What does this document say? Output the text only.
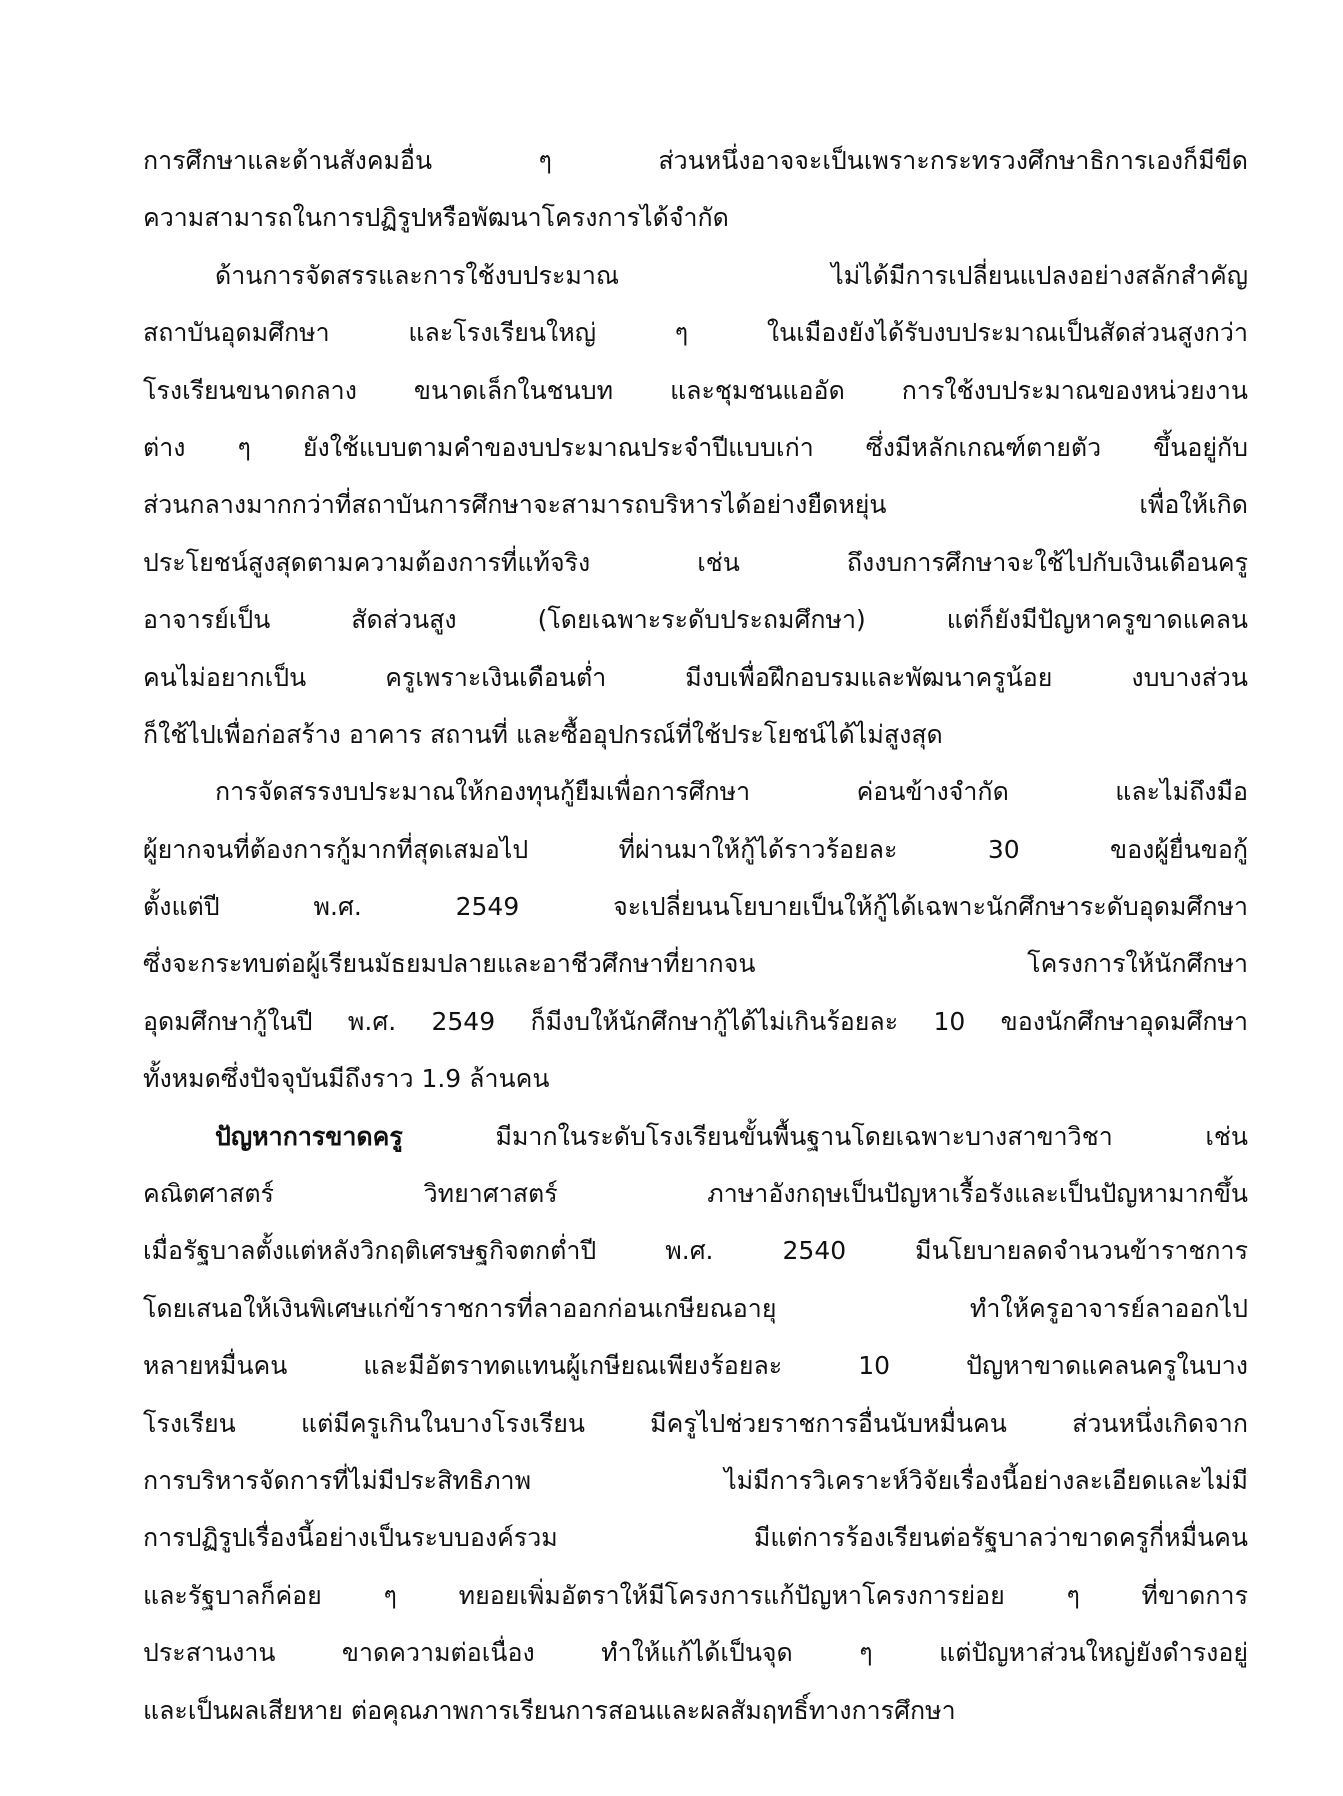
การศึกษาและด้านสังคมอื่น ๆ ส่วนหนึ่งอาจจะเป็นเพราะกระทรวงศึกษาธิการเองก็มีขีด
ความสามารถในการปฏิรูปหรือพัฒนาโครงการได้จำกัด
ด้านการจัดสรรและการใช้งบประมาณ ไม่ได้มีการเปลี่ยนแปลงอย่างสลักสำคัญ
สถาบันอุดมศึกษา และโรงเรียนใหญ่ ๆ ในเมืองยังได้รับงบประมาณเป็นสัดส่วนสูงกว่า
โรงเรียนขนาดกลาง ขนาดเล็กในชนบท และชุมชนแออัด การใช้งบประมาณของหน่วยงาน
ต่าง ๆ ยังใช้แบบตามคำของบประมาณประจำปีแบบเก่า ซึ่งมีหลักเกณฑ์ตายตัว ขึ้นอยู่กับ
ส่วนกลางมากกว่าที่สถาบันการศึกษาจะสามารถบริหารได้อย่างยืดหยุ่น เพื่อให้เกิด
ประโยชน์สูงสุดตามความต้องการที่แท้จริง เช่น ถึงงบการศึกษาจะใช้ไปกับเงินเดือนครู
อาจารย์เป็น สัดส่วนสูง (โดยเฉพาะระดับประถมศึกษา) แต่ก็ยังมีปัญหาครูขาดแคลน
คนไม่อยากเป็น ครูเพราะเงินเดือนต่ำ มีงบเพื่อฝึกอบรมและพัฒนาครูน้อย งบบางส่วน
ก็ใช้ไปเพื่อก่อสร้าง อาคาร สถานที่ และซื้ออุปกรณ์ที่ใช้ประโยชน์ได้ไม่สูงสุด
การจัดสรรงบประมาณให้กองทุนกู้ยืมเพื่อการศึกษา ค่อนข้างจำกัด และไม่ถึงมือ
ผู้ยากจนที่ต้องการกู้มากที่สุดเสมอไป ที่ผ่านมาให้กู้ได้ราวร้อยละ 30 ของผู้ยื่นขอกู้
ตั้งแต่ปี พ.ศ. 2549 จะเปลี่ยนนโยบายเป็นให้กู้ได้เฉพาะนักศึกษาระดับอุดมศึกษา
ซึ่งจะกระทบต่อผู้เรียนมัธยมปลายและอาชีวศึกษาที่ยากจน โครงการให้นักศึกษา
อุดมศึกษากู้ในปี พ.ศ. 2549 ก็มีงบให้นักศึกษากู้ได้ไม่เกินร้อยละ 10 ของนักศึกษาอุดมศึกษา
ทั้งหมดซึ่งปัจจุบันมีถึงราว 1.9 ล้านคน
ปัญหาการขาดครู มีมากในระดับโรงเรียนขั้นพื้นฐานโดยเฉพาะบางสาขาวิชา เช่น
คณิตศาสตร์ วิทยาศาสตร์ ภาษาอังกฤษเป็นปัญหาเรื้อรังและเป็นปัญหามากขึ้น
เมื่อรัฐบาลตั้งแต่หลังวิกฤติเศรษฐกิจตกต่ำปี พ.ศ. 2540 มีนโยบายลดจำนวนข้าราชการ
โดยเสนอให้เงินพิเศษแก่ข้าราชการที่ลาออกก่อนเกษียณอายุ ทำให้ครูอาจารย์ลาออกไป
หลายหมื่นคน และมีอัตราทดแทนผู้เกษียณเพียงร้อยละ 10 ปัญหาขาดแคลนครูในบาง
โรงเรียน แต่มีครูเกินในบางโรงเรียน มีครูไปช่วยราชการอื่นนับหมื่นคน ส่วนหนึ่งเกิดจาก
การบริหารจัดการที่ไม่มีประสิทธิภาพ ไม่มีการวิเคราะห์วิจัยเรื่องนี้อย่างละเอียดและไม่มี
การปฏิรูปเรื่องนี้อย่างเป็นระบบองค์รวม มีแต่การร้องเรียนต่อรัฐบาลว่าขาดครูกี่หมื่นคน
และรัฐบาลก็ค่อย ๆ ทยอยเพิ่มอัตราให้มีโครงการแก้ปัญหาโครงการย่อย ๆ ที่ขาดการ
ประสานงาน ขาดความต่อเนื่อง ทำให้แก้ได้เป็นจุด ๆ แต่ปัญหาส่วนใหญ่ยังดำรงอยู่
และเป็นผลเสียหาย ต่อคุณภาพการเรียนการสอนและผลสัมฤทธิ์ทางการศึกษา
